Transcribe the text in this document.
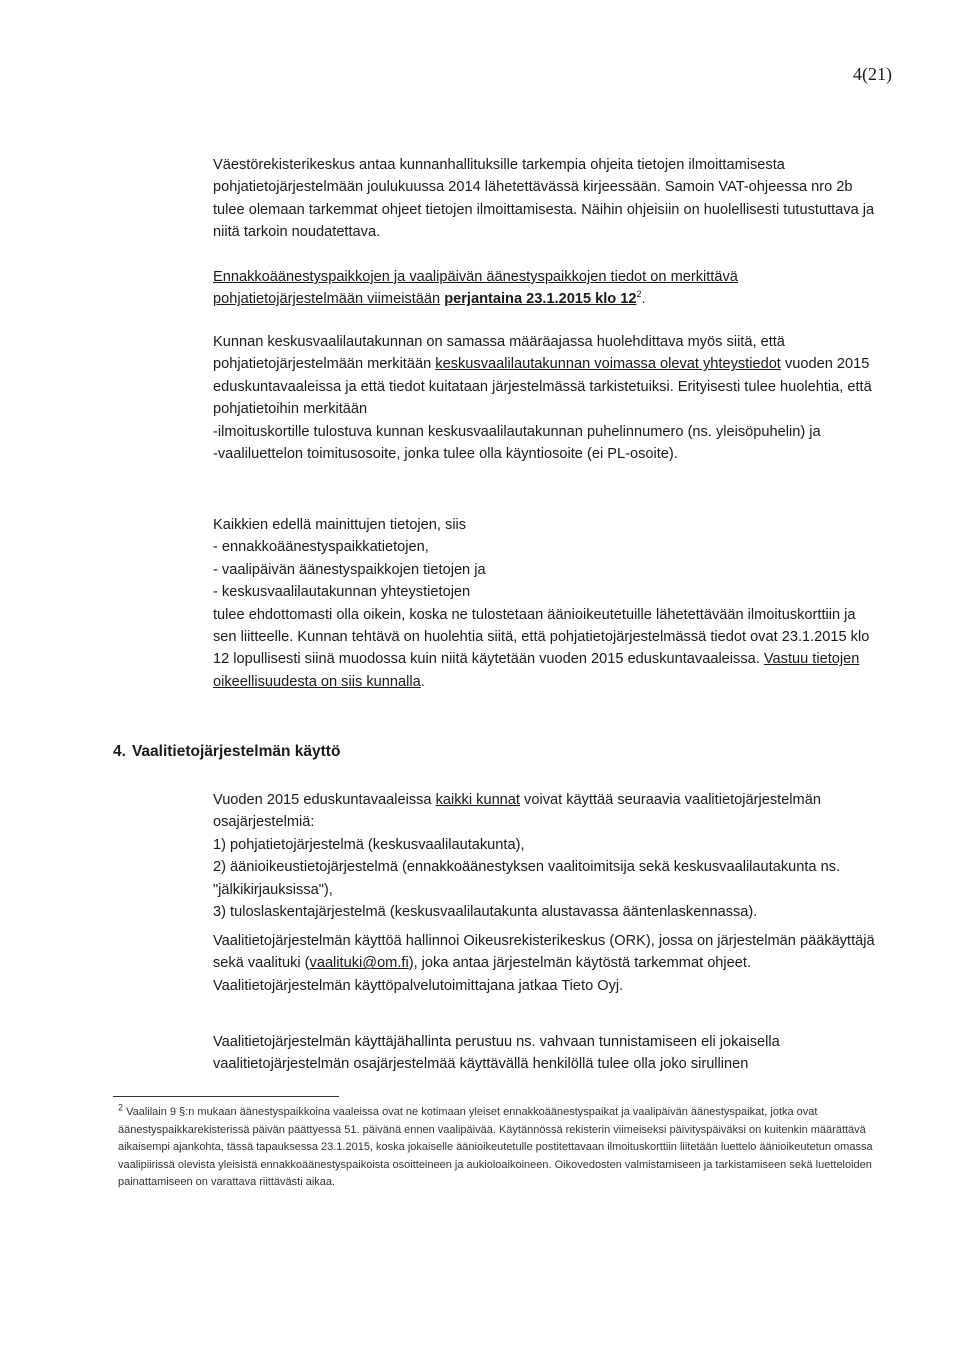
4(21)

Väestörekisterikeskus antaa kunnanhallituksille tarkempia ohjeita tietojen ilmoittamisesta pohjatietojärjestelmään joulukuussa 2014 lähetettävässä kirjeessään. Samoin VAT-ohjeessa nro 2b tulee olemaan tarkemmat ohjeet tietojen ilmoittamisesta. Näihin ohjeisiin on huolellisesti tutustuttava ja niitä tarkoin noudatettava.

Ennakkoäänestyspaikkojen ja vaalipäivän äänestyspaikkojen tiedot on merkittävä pohjatietojärjestelmään viimeistään perjantaina 23.1.2015 klo $12^2$.

Kunnan keskusvaalilautakunnan on samassa määräajassa huolehdittava myös siitä, että pohjatietojärjestelmään merkitään keskusvaalilautakunnan voimassa olevat yhteystiedot vuoden 2015 eduskuntavaaleissa ja että tiedot kuitataan järjestelmässä tarkistetuiksi. Erityisesti tulee huolehtia, että pohjatietoihin merkitään

-ilmoituskortille tulostuva kunnan keskusvaalilautakunnan puhelinnumero (ns. yleisöpuhelin) ja

-vaaliluettelon toimitusosoite, jonka tulee olla käyntiosoite (ei PL-osoite).

Kaikkien edellä mainittujen tietojen, siis

- ennakkoäänestyspaikkatietojen,

- vaalipäivän äänestyspaikkojen tietojen ja

- keskusvaalilautakunnan yhteystietojen

tulee ehdottomasti olla oikein, koska ne tulostetaan äänioikeutetuille lähetettävään ilmoituskorttiin ja sen liitteelle. Kunnan tehtävä on huolehtia siitä, että pohjatietojärjestelmässä tiedot ovat 23.1.2015 klo 12 lopullisesti siinä muodossa kuin niitä käytetään vuoden 2015 eduskuntavaaleissa. Vastuu tietojen oikeellisuudesta on siis kunnalla.

4. Vaalitietojärjestelmän käyttö

Vuoden 2015 eduskuntavaaleissa kaikki kunnat voivat käyttää seuraavia vaalitietojärjestelmän osajärjestelmiä:

1) pohjatietojärjestelmä (keskusvaalilautakunta),

2) äänioikeustietojärjestelmä (ennakkoäänestyksen vaalitoimitsija sekä keskusvaalilautakunta ns. "jälkikirjauksissa"),

3) tuloslaskentajärjestelmä (keskusvaalilautakunta alustavassa ääntenlaskennassa).

Vaalitietojärjestelmän käyttöä hallinnoi Oikeusrekisterikeskus (ORK), jossa on järjestelmän pääkäyttäjä sekä vaalituki (vaalituki@om.fi), joka antaa järjestelmän käytöstä tarkemmat ohjeet. Vaalitietojärjestelmän käyttöpalvelutoimittajana jatkaa Tieto Oyj.

Vaalitietojärjestelmän käyttäjähallinta perustuu ns. vahvaan tunnistamiseen eli jokaisella vaalitietojärjestelmän osajärjestelmää käyttävällä henkilöllä tulee olla joko sirullinen

$^2$ Vaalilain 9 §:n mukaan äänestyspaikkoina vaaleissa ovat ne kotimaan yleiset ennakkoäänestyspaikat ja vaalipäivän äänestyspaikat, jotka ovat äänestyspaikkarekisterissä päivän päättyessä 51. päivänä ennen vaalipäivää. Käytännössä rekisterin viimeiseksi päivityspäiväksi on kuitenkin määrättävä aikaisempi ajankohta, tässä tapauksessa 23.1.2015, koska jokaiselle äänioikeutetulle postitettavaan ilmoituskorttiin liitetään luettelo äänioikeutetun omassa vaalipiirissä olevista yleisistä ennakkoäänestyspaikoista osoitteineen ja aukioloaikoineen. Oikovedosten valmistamiseen ja tarkistamiseen sekä luetteloiden painattamiseen on varattava riittävästi aikaa.
